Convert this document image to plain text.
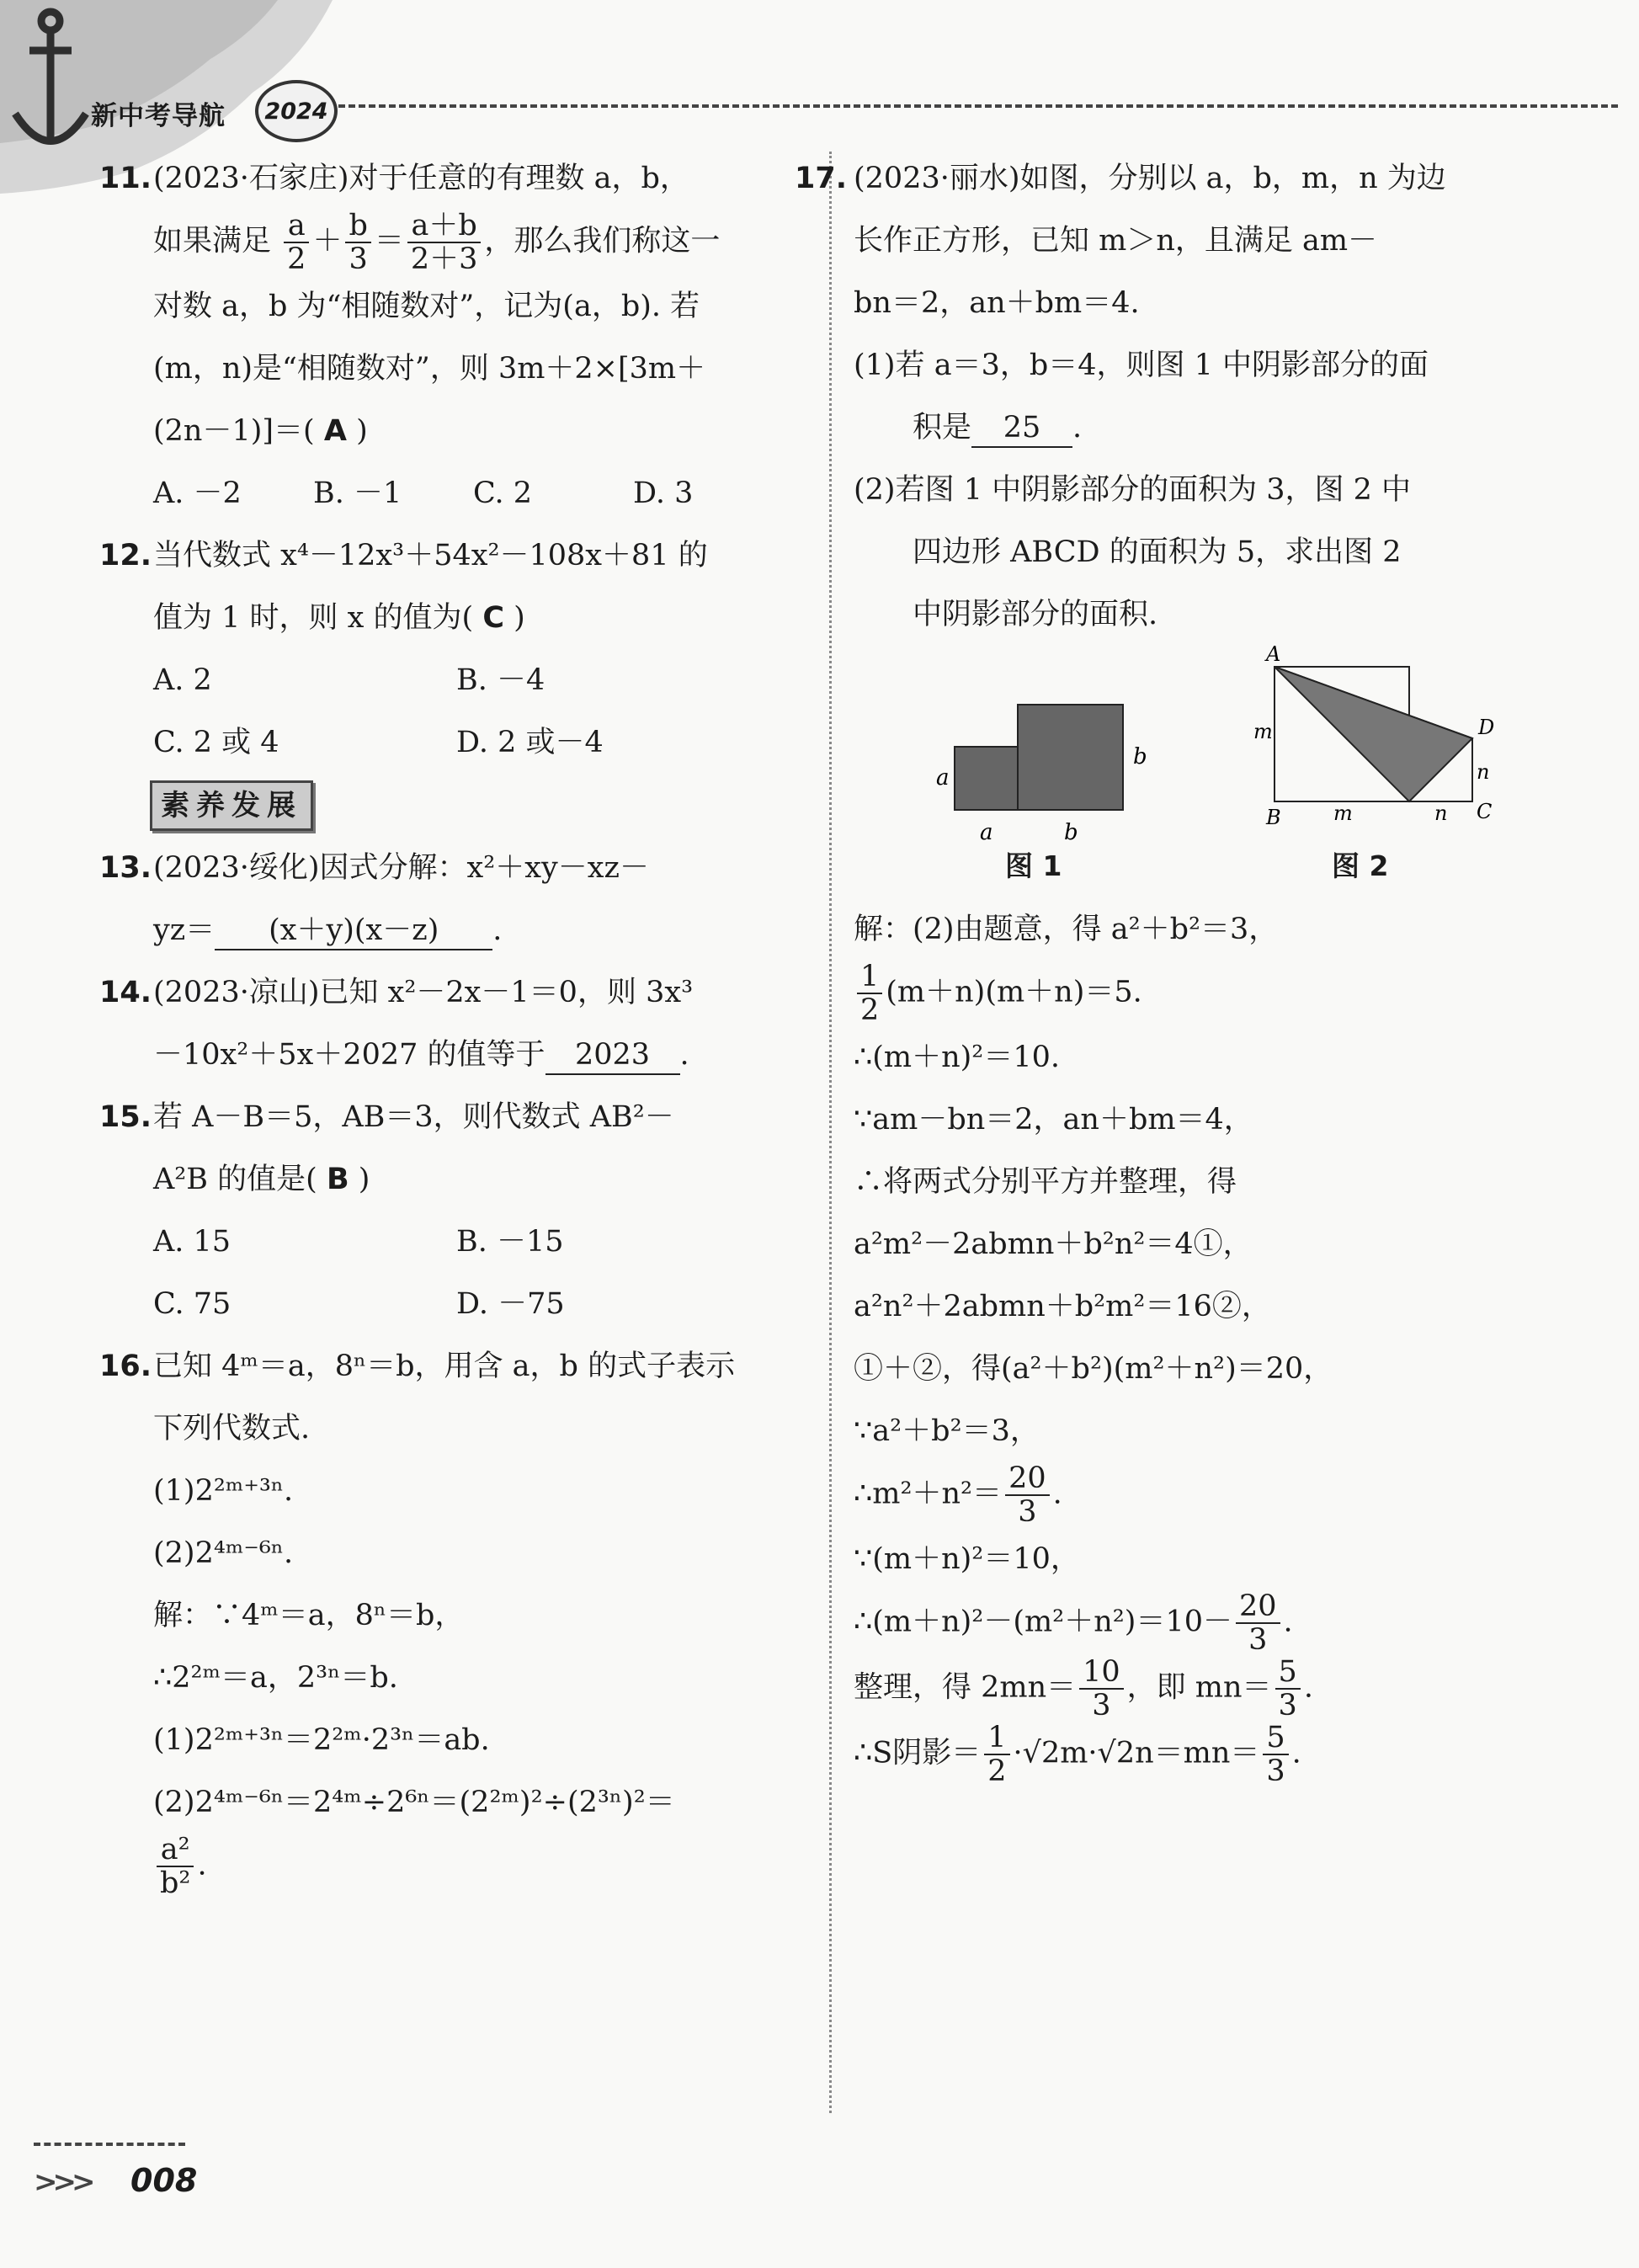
新中考导航	2024
11. (2023·石家庄)对于任意的有理数 a，b，
如果满足 $\frac{a}{2} + \frac{b}{3} = \frac{a+b}{2+3}$ ，那么我们称这一
对数 a，b 为“相随数对”，记为(a，b). 若
(m，n)是“相随数对”，则 3m＋2×[3m＋
(2n－1)]＝( A )
A. －2	B. －1	C. 2	D. 3
12. 当代数式 x⁴－12x³＋54x²－108x＋81 的
值为 1 时，则 x 的值为( C )
A. 2	B. －4
C. 2 或 4	D. 2 或－4
素养发展
13. (2023·绥化)因式分解：x²＋xy－xz－
yz＝ (x＋y)(x－z) .
14. (2023·凉山)已知 x²－2x－1＝0，则 3x³
－10x²＋5x＋2027 的值等于 2023 .
15. 若 A－B＝5，AB＝3，则代数式 AB²－
A²B 的值是( B )
A. 15	B. －15
C. 75	D. －75
16. 已知 4ᵐ＝a，8ⁿ＝b，用含 a，b 的式子表示
下列代数式.
(1)2²ᵐ⁺³ⁿ.
(2)2⁴ᵐ⁻⁶ⁿ.
解：∵4ᵐ＝a，8ⁿ＝b，
∴2²ᵐ＝a，2³ⁿ＝b.
(1)2²ᵐ⁺³ⁿ＝2²ᵐ·2³ⁿ＝ab.
(2)2⁴ᵐ⁻⁶ⁿ＝2⁴ᵐ÷2⁶ⁿ＝(2²ᵐ)²÷(2³ⁿ)²＝
$\frac{\text{a²}}{\text{b²}}$ .
17. (2023·丽水)如图，分别以 a，b，m，n 为边
长作正方形，已知 m＞n，且满足 am－
bn＝2，an＋bm＝4.
(1)若 a＝3，b＝4，则图 1 中阴影部分的面
积是 25 .
(2)若图 1 中阴影部分的面积为 3，图 2 中
四边形 ABCD 的面积为 5，求出图 2
中阴影部分的面积.
a
b
a	b
A
D
B	C
m
m
n
n
图 1	图 2
解：(2)由题意，得 a²＋b²＝3，
$\frac{1}{2} (m+n)(m+n)=5$.
∴(m＋n)²＝10.
∵am－bn＝2，an＋bm＝4，
∴将两式分别平方并整理，得
a²m²－2abmn＋b²n²＝4①，
a²n²＋2abmn＋b²m²＝16②，
①＋②，得(a²＋b²)(m²＋n²)＝20，
∵a²＋b²＝3，
∴m²＋n²＝ $\frac{20}{3}$ .
∵(m＋n)²＝10，
∴(m＋n)²－(m²＋n²)＝10－ $\frac{20}{3}$ .
整理，得 $2mn= \frac{10}{3}$ ，即 $mn= \frac{5}{3}$ .
∴S阴影＝ $\frac{1}{2} \cdot√2m\cdot√2n=mn= \frac{5}{3}$ .
>>> 008
